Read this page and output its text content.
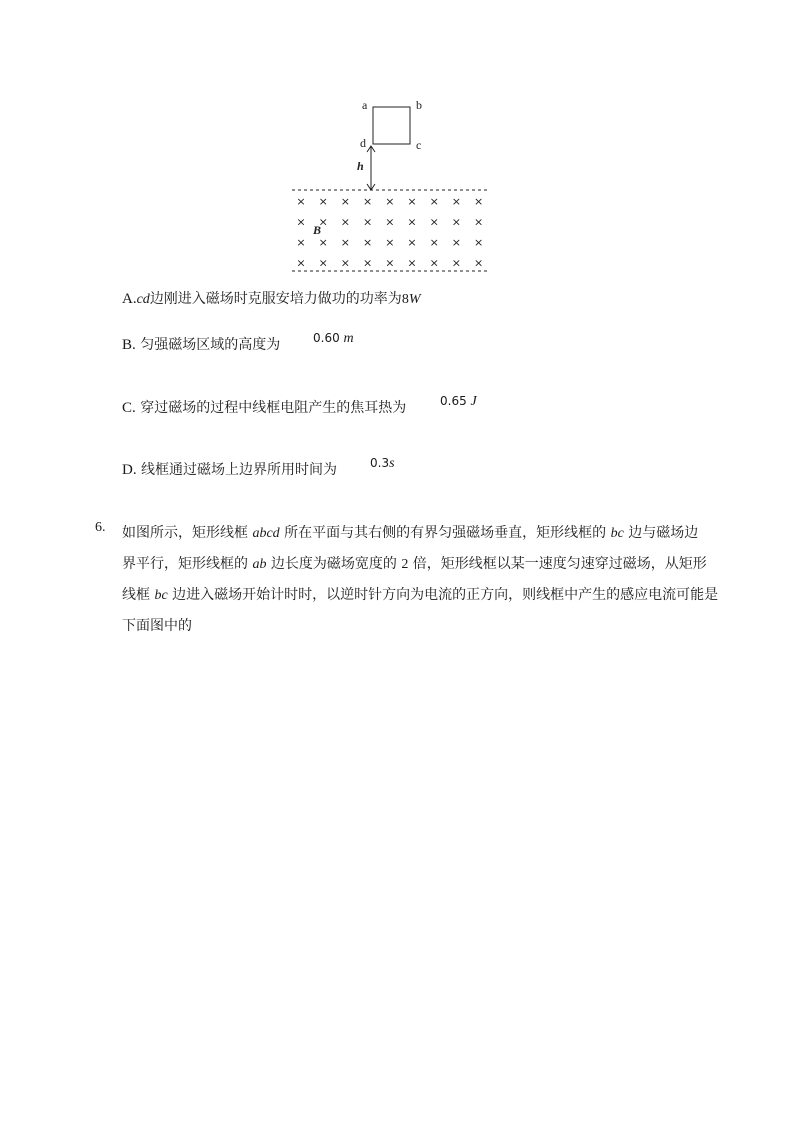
a	b
d	c
h
× × × × × × × × ×
× × × × × × × × ×
× × × × × × × × ×
× × × × × × × × ×
B
A.cd边刚进入磁场时克服安培力做功的功率为8W
B. 匀强磁场区域的高度为	0.60 m
C. 穿过磁场的过程中线框电阻产生的焦耳热为	0.65 J
D. 线框通过磁场上边界所用时间为	0.3s
6. 如图所示，矩形线框 abcd 所在平面与其右侧的有界匀强磁场垂直，矩形线框的 bc 边与磁场边
界平行，矩形线框的 ab 边长度为磁场宽度的 2 倍，矩形线框以某一速度匀速穿过磁场，从矩形
线框 bc 边进入磁场开始计时时，以逆时针方向为电流的正方向，则线框中产生的感应电流可能是
下面图中的
